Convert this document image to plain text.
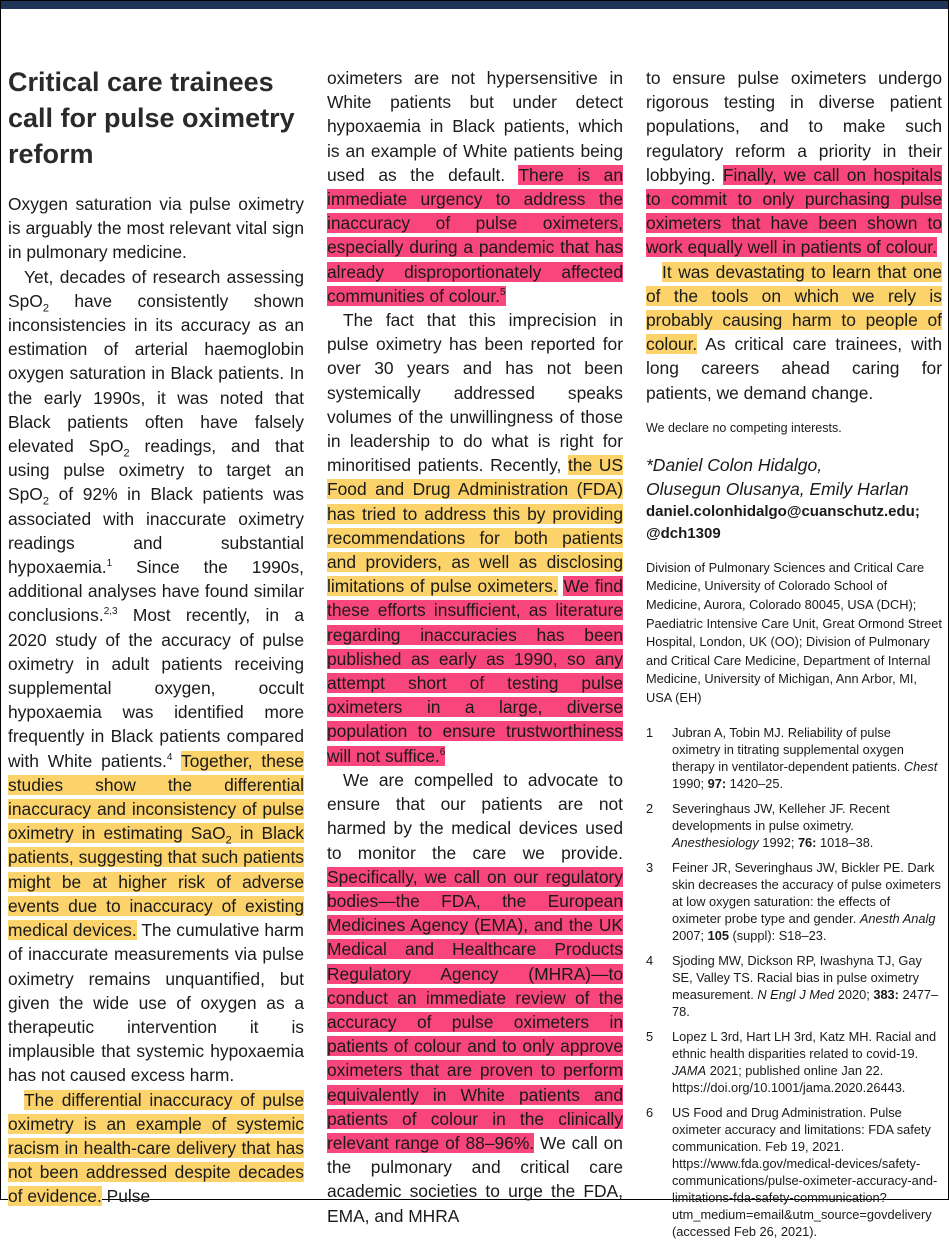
Critical care trainees call for pulse oximetry reform

Oxygen saturation via pulse oximetry is arguably the most relevant vital sign in pulmonary medicine.

Yet, decades of research assessing SpO$_2$ have consistently shown inconsistencies in its accuracy as an estimation of arterial haemoglobin oxygen saturation in Black patients. In the early 1990s, it was noted that Black patients often have falsely elevated SpO$_2$ readings, and that using pulse oximetry to target an SpO$_2$ of 92% in Black patients was associated with inaccurate oximetry readings and substantial hypoxaemia.$^1$ Since the 1990s, additional analyses have found similar conclusions.$^{2,3}$ Most recently, in a 2020 study of the accuracy of pulse oximetry in adult patients receiving supplemental oxygen, occult hypoxaemia was identified more frequently in Black patients compared with White patients.$^4$ Together, these studies show the differential inaccuracy and inconsistency of pulse oximetry in estimating SaO$_2$ in Black patients, suggesting that such patients might be at higher risk of adverse events due to inaccuracy of existing medical devices. The cumulative harm of inaccurate measurements via pulse oximetry remains unquantified, but given the wide use of oxygen as a therapeutic intervention it is implausible that systemic hypoxaemia has not caused excess harm.

The differential inaccuracy of pulse oximetry is an example of systemic racism in health-care delivery that has not been addressed despite decades of evidence. Pulse

oximeters are not hypersensitive in White patients but under detect hypoxaemia in Black patients, which is an example of White patients being used as the default. There is an immediate urgency to address the inaccuracy of pulse oximeters, especially during a pandemic that has already disproportionately affected communities of colour.$^5$

The fact that this imprecision in pulse oximetry has been reported for over 30 years and has not been systemically addressed speaks volumes of the unwillingness of those in leadership to do what is right for minoritised patients. Recently, the US Food and Drug Administration (FDA) has tried to address this by providing recommendations for both patients and providers, as well as disclosing limitations of pulse oximeters. We find these efforts insufficient, as literature regarding inaccuracies has been published as early as 1990, so any attempt short of testing pulse oximeters in a large, diverse population to ensure trustworthiness will not suffice.$^6$

We are compelled to advocate to ensure that our patients are not harmed by the medical devices used to monitor the care we provide. Specifically, we call on our regulatory bodies—the FDA, the European Medicines Agency (EMA), and the UK Medical and Healthcare Products Regulatory Agency (MHRA)—to conduct an immediate review of the accuracy of pulse oximeters in patients of colour and to only approve oximeters that are proven to perform equivalently in White patients and patients of colour in the clinically relevant range of 88–96%. We call on the pulmonary and critical care academic societies to urge the FDA, EMA, and MHRA

to ensure pulse oximeters undergo rigorous testing in diverse patient populations, and to make such regulatory reform a priority in their lobbying. Finally, we call on hospitals to commit to only purchasing pulse oximeters that have been shown to work equally well in patients of colour.

It was devastating to learn that one of the tools on which we rely is probably causing harm to people of colour. As critical care trainees, with long careers ahead caring for patients, we demand change.

We declare no competing interests.

*Daniel Colon Hidalgo,
Olusegun Olusanya, Emily Harlan
daniel.colonhidalgo@cuanschutz.edu;
@dch1309

Division of Pulmonary Sciences and Critical Care Medicine, University of Colorado School of Medicine, Aurora, Colorado 80045, USA (DCH); Paediatric Intensive Care Unit, Great Ormond Street Hospital, London, UK (OO); Division of Pulmonary and Critical Care Medicine, Department of Internal Medicine, University of Michigan, Ann Arbor, MI, USA (EH)

1	Jubran A, Tobin MJ. Reliability of pulse oximetry in titrating supplemental oxygen therapy in ventilator-dependent patients. Chest 1990; 97: 1420–25.
2	Severinghaus JW, Kelleher JF. Recent developments in pulse oximetry. Anesthesiology 1992; 76: 1018–38.
3	Feiner JR, Severinghaus JW, Bickler PE. Dark skin decreases the accuracy of pulse oximeters at low oxygen saturation: the effects of oximeter probe type and gender. Anesth Analg 2007; 105 (suppl): S18–23.
4	Sjoding MW, Dickson RP, Iwashyna TJ, Gay SE, Valley TS. Racial bias in pulse oximetry measurement. N Engl J Med 2020; 383: 2477–78.
5	Lopez L 3rd, Hart LH 3rd, Katz MH. Racial and ethnic health disparities related to covid-19. JAMA 2021; published online Jan 22. https://doi.org/10.1001/jama.2020.26443.
6	US Food and Drug Administration. Pulse oximeter accuracy and limitations: FDA safety communication. Feb 19, 2021. https://www.fda.gov/medical-devices/safety-communications/pulse-oximeter-accuracy-and-limitations-fda-safety-communication?utm_medium=email&utm_source=govdelivery (accessed Feb 26, 2021).
